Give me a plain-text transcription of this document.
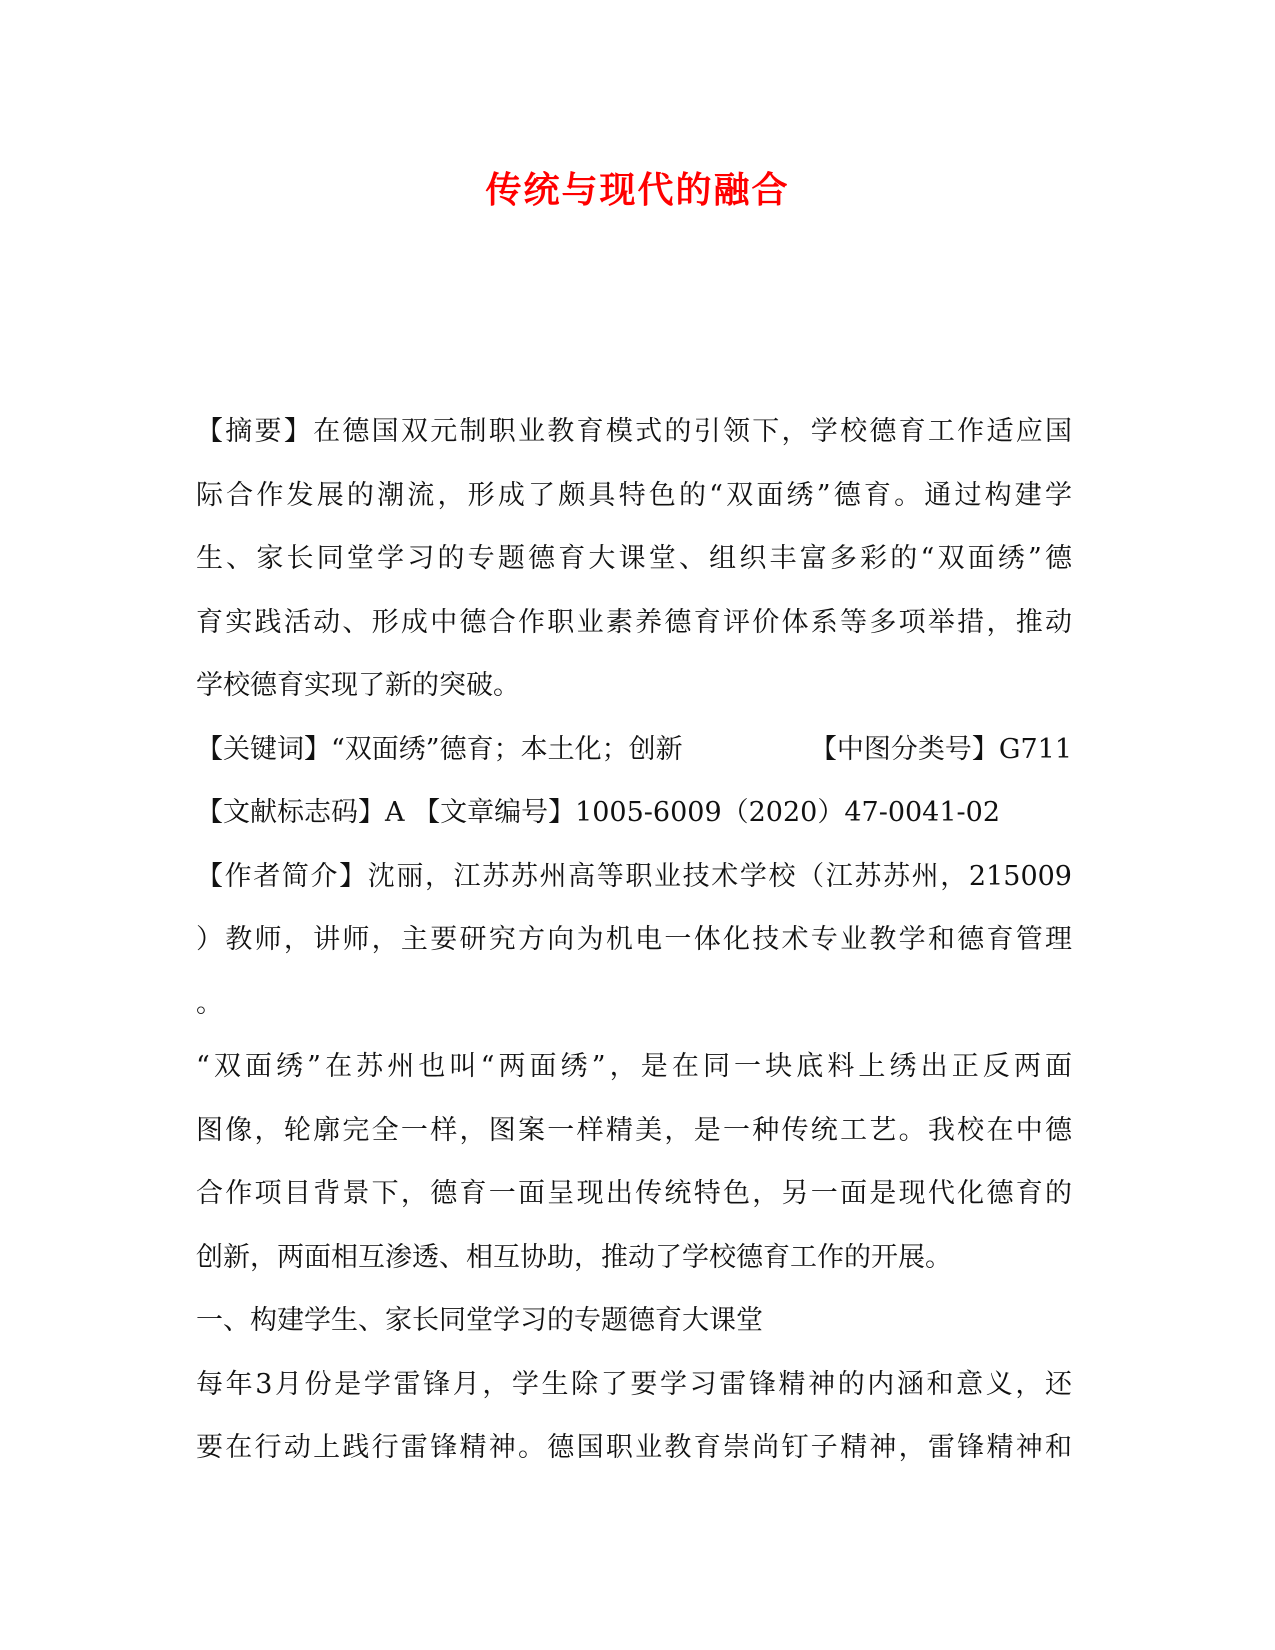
传统与现代的融合
【摘要】在德国双元制职业教育模式的引领下，学校德育工作适应国
际合作发展的潮流，形成了颇具特色的“双面绣”德育。通过构建学
生、家长同堂学习的专题德育大课堂、组织丰富多彩的“双面绣”德
育实践活动、形成中德合作职业素养德育评价体系等多项举措，推动
学校德育实现了新的突破。
【关键词】“双面绣”德育；本土化；创新	【中图分类号】G711
【文献标志码】A 【文章编号】1005-6009（2020）47-0041-02
【作者简介】沈丽，江苏苏州高等职业技术学校（江苏苏州，215009
）教师，讲师，主要研究方向为机电一体化技术专业教学和德育管理
。
“双面绣”在苏州也叫“两面绣”，是在同一块底料上绣出正反两面
图像，轮廓完全一样，图案一样精美，是一种传统工艺。我校在中德
合作项目背景下，德育一面呈现出传统特色，另一面是现代化德育的
创新，两面相互渗透、相互协助，推动了学校德育工作的开展。
一、构建学生、家长同堂学习的专题德育大课堂
每年3月份是学雷锋月，学生除了要学习雷锋精神的内涵和意义，还
要在行动上践行雷锋精神。德国职业教育崇尚钉子精神，雷锋精神和
